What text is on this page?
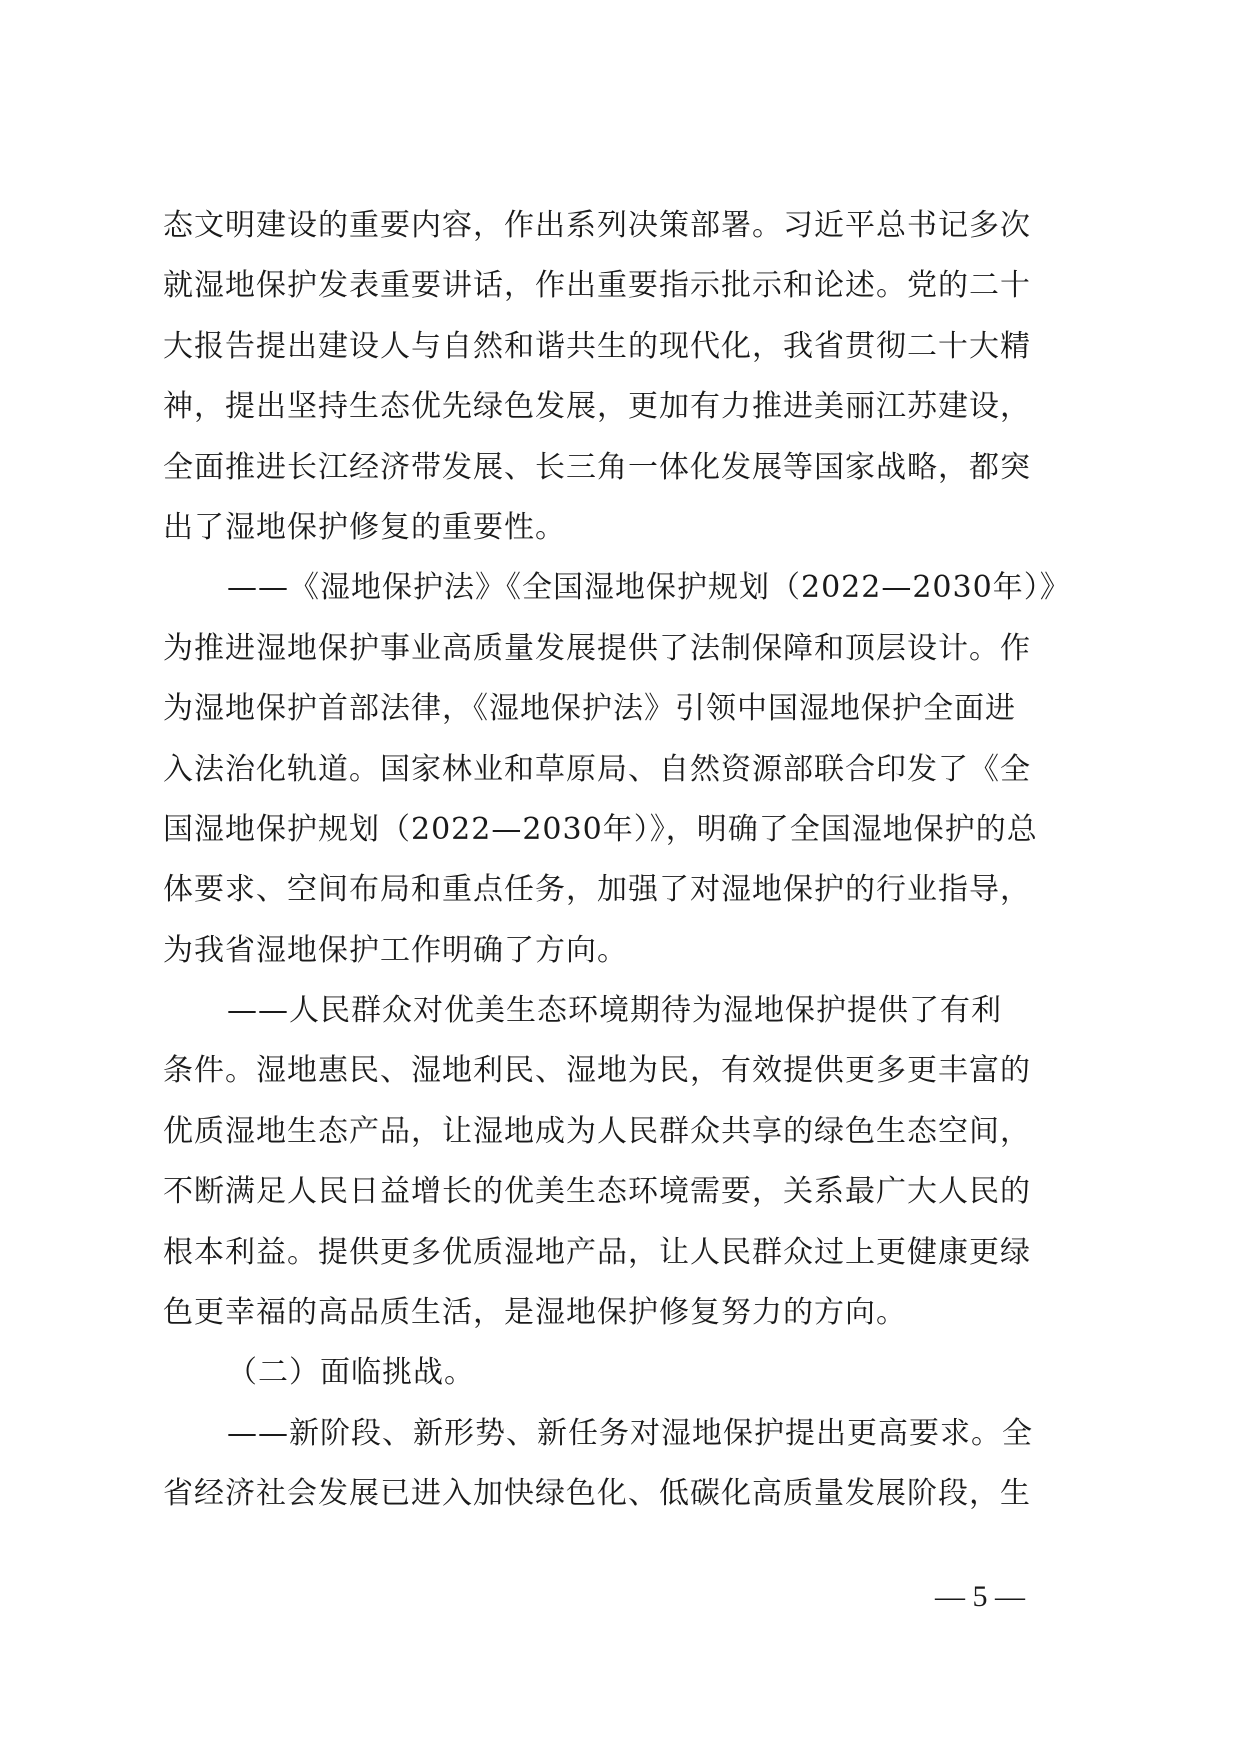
态文明建设的重要内容，作出系列决策部署。习近平总书记多次
就湿地保护发表重要讲话，作出重要指示批示和论述。党的二十
大报告提出建设人与自然和谐共生的现代化，我省贯彻二十大精
神，提出坚持生态优先绿色发展，更加有力推进美丽江苏建设，
全面推进长江经济带发展、长三角一体化发展等国家战略，都突
出了湿地保护修复的重要性。
——《湿地保护法》《全国湿地保护规划（2022—2030年）》
为推进湿地保护事业高质量发展提供了法制保障和顶层设计。作
为湿地保护首部法律，《湿地保护法》引领中国湿地保护全面进
入法治化轨道。国家林业和草原局、自然资源部联合印发了《全
国湿地保护规划（2022—2030年）》，明确了全国湿地保护的总
体要求、空间布局和重点任务，加强了对湿地保护的行业指导，
为我省湿地保护工作明确了方向。
——人民群众对优美生态环境期待为湿地保护提供了有利
条件。湿地惠民、湿地利民、湿地为民，有效提供更多更丰富的
优质湿地生态产品，让湿地成为人民群众共享的绿色生态空间，
不断满足人民日益增长的优美生态环境需要，关系最广大人民的
根本利益。提供更多优质湿地产品，让人民群众过上更健康更绿
色更幸福的高品质生活，是湿地保护修复努力的方向。
（二）面临挑战。
——新阶段、新形势、新任务对湿地保护提出更高要求。全
省经济社会发展已进入加快绿色化、低碳化高质量发展阶段，生
— 5 —
